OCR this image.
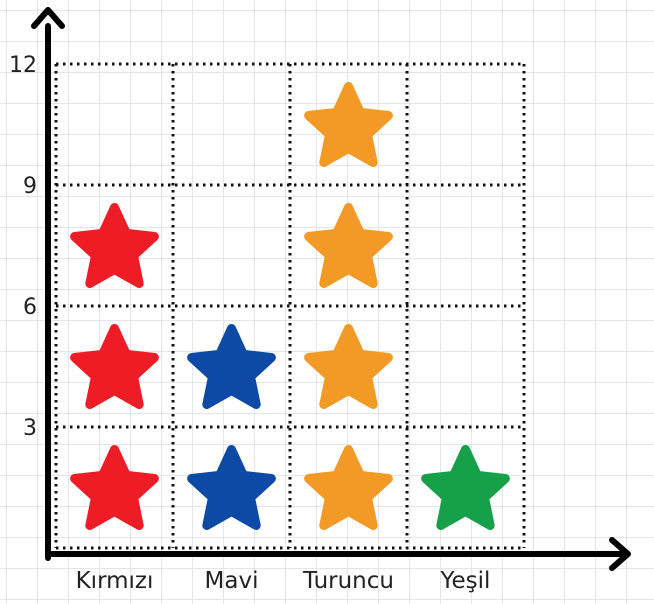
3
6
9
12
Kırmızı Mavi Turuncu Yeşil
